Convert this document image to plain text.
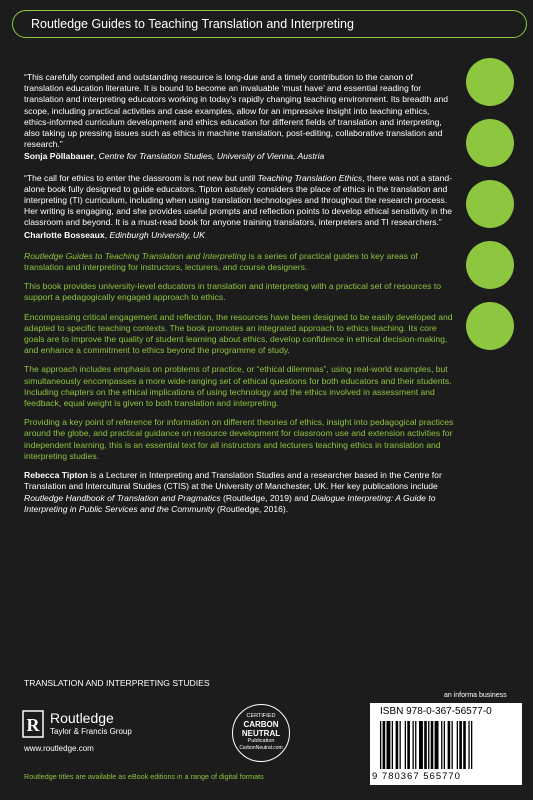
Routledge Guides to Teaching Translation and Interpreting
“This carefully compiled and outstanding resource is long-due and a timely contribution to the canon of translation education literature. It is bound to become an invaluable ‘must have’ and essential reading for translation and interpreting educators working in today’s rapidly changing teaching environment. Its breadth and scope, including practical activities and case examples, allow for an impressive insight into teaching ethics, ethics-informed curriculum development and ethics education for different fields of translation and interpreting, also taking up pressing issues such as ethics in machine translation, post-editing, collaborative translation and research.”
Sonja Pöllabauer, Centre for Translation Studies, University of Vienna, Austria
“The call for ethics to enter the classroom is not new but until Teaching Translation Ethics, there was not a stand-alone book fully designed to guide educators. Tipton astutely considers the place of ethics in the translation and interpreting (TI) curriculum, including when using translation technologies and throughout the research process. Her writing is engaging, and she provides useful prompts and reflection points to develop ethical sensitivity in the classroom and beyond. It is a must-read book for anyone training translators, interpreters and TI researchers.”
Charlotte Bosseaux, Edinburgh University, UK

Routledge Guides to Teaching Translation and Interpreting is a series of practical guides to key areas of translation and interpreting for instructors, lecturers, and course designers.

This book provides university-level educators in translation and interpreting with a practical set of resources to support a pedagogically engaged approach to ethics.

Encompassing critical engagement and reflection, the resources have been designed to be easily developed and adapted to specific teaching contexts. The book promotes an integrated approach to ethics teaching. Its core goals are to improve the quality of student learning about ethics, develop confidence in ethical decision-making, and enhance a commitment to ethics beyond the programme of study.

The approach includes emphasis on problems of practice, or “ethical dilemmas”, using real-world examples, but simultaneously encompasses a more wide-ranging set of ethical questions for both educators and their students. Including chapters on the ethical implications of using technology and the ethics involved in assessment and feedback, equal weight is given to both translation and interpreting.

Providing a key point of reference for information on different theories of ethics, insight into pedagogical practices around the globe, and practical guidance on resource development for classroom use and extension activities for independent learning, this is an essential text for all instructors and lecturers teaching ethics in translation and interpreting studies.

Rebecca Tipton is a Lecturer in Interpreting and Translation Studies and a researcher based in the Centre for Translation and Intercultural Studies (CTIS) at the University of Manchester, UK. Her key publications include Routledge Handbook of Translation and Pragmatics (Routledge, 2019) and Dialogue Interpreting: A Guide to Interpreting in Public Services and the Community (Routledge, 2016).

TRANSLATION AND INTERPRETING STUDIES
R Routledge
Taylor & Francis Group
www.routledge.com
Routledge titles are available as eBook editions in a range of digital formats
CERTIFIED
CARBON
NEUTRAL
Publication
CarbonNeutral.com
an informa business
ISBN 978-0-367-56577-0
9 780367 565770
